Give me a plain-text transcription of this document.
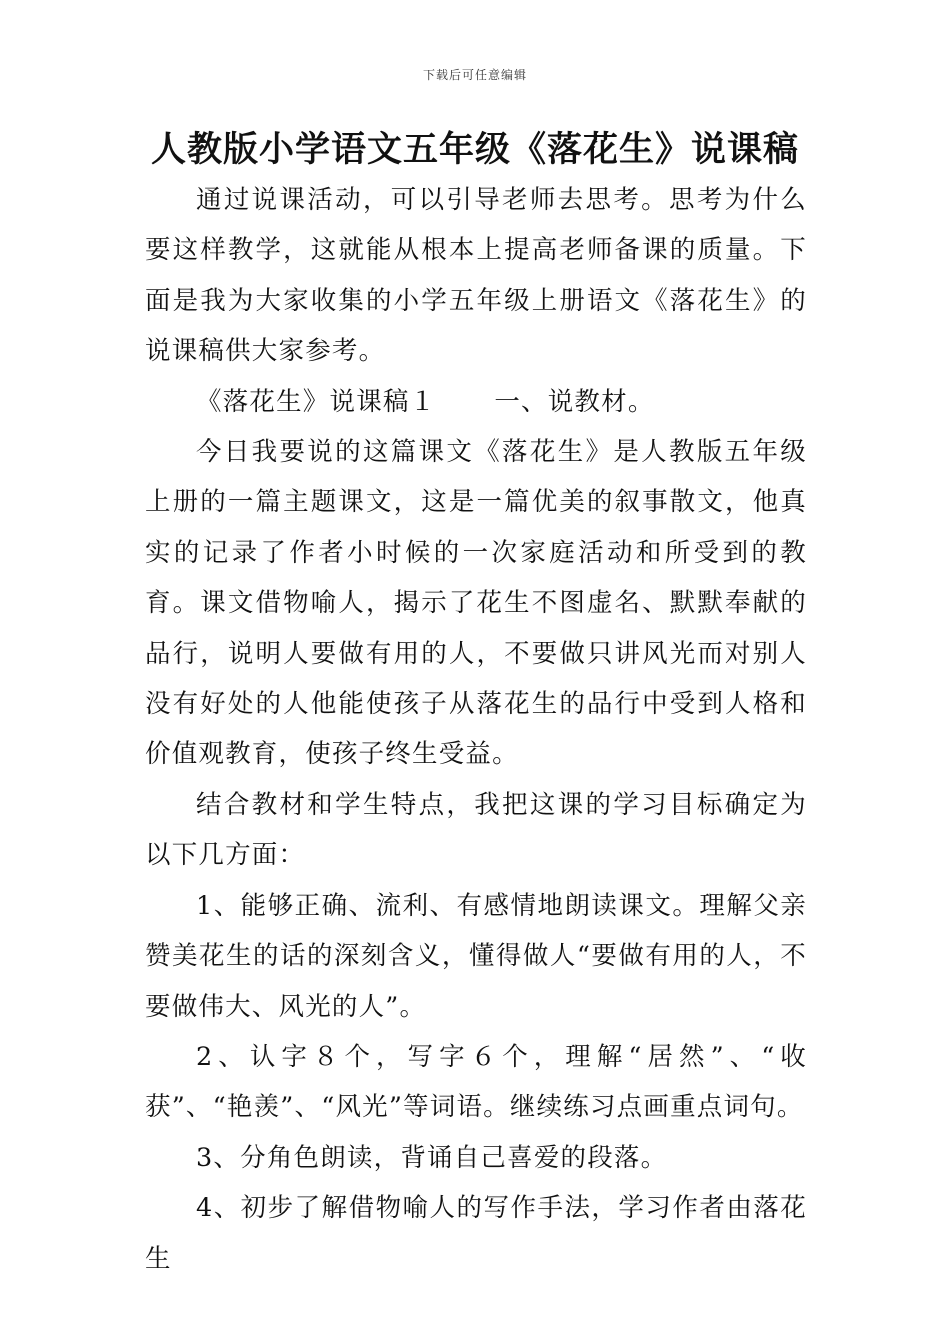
下载后可任意编辑
人教版小学语文五年级《落花生》说课稿

通过说课活动，可以引导老师去思考。思考为什么要这样教学，这就能从根本上提高老师备课的质量。下面是我为大家收集的小学五年级上册语文《落花生》的说课稿供大家参考。

《落花生》说课稿１ 一、说教材。

今日我要说的这篇课文《落花生》是人教版五年级上册的一篇主题课文，这是一篇优美的叙事散文，他真实的记录了作者小时候的一次家庭活动和所受到的教育。课文借物喻人，揭示了花生不图虚名、默默奉献的品行，说明人要做有用的人，不要做只讲风光而对别人没有好处的人他能使孩子从落花生的品行中受到人格和价值观教育，使孩子终生受益。

结合教材和学生特点，我把这课的学习目标确定为以下几方面：

1、能够正确、流利、有感情地朗读课文。理解父亲赞美花生的话的深刻含义，懂得做人“要做有用的人，不要做伟大、风光的人”。

2、认字８个，写字６个，理解“居然”、“收获”、“艳羡”、“风光”等词语。继续练习点画重点词句。

3、分角色朗读，背诵自己喜爱的段落。

4、初步了解借物喻人的写作手法，学习作者由落花生
